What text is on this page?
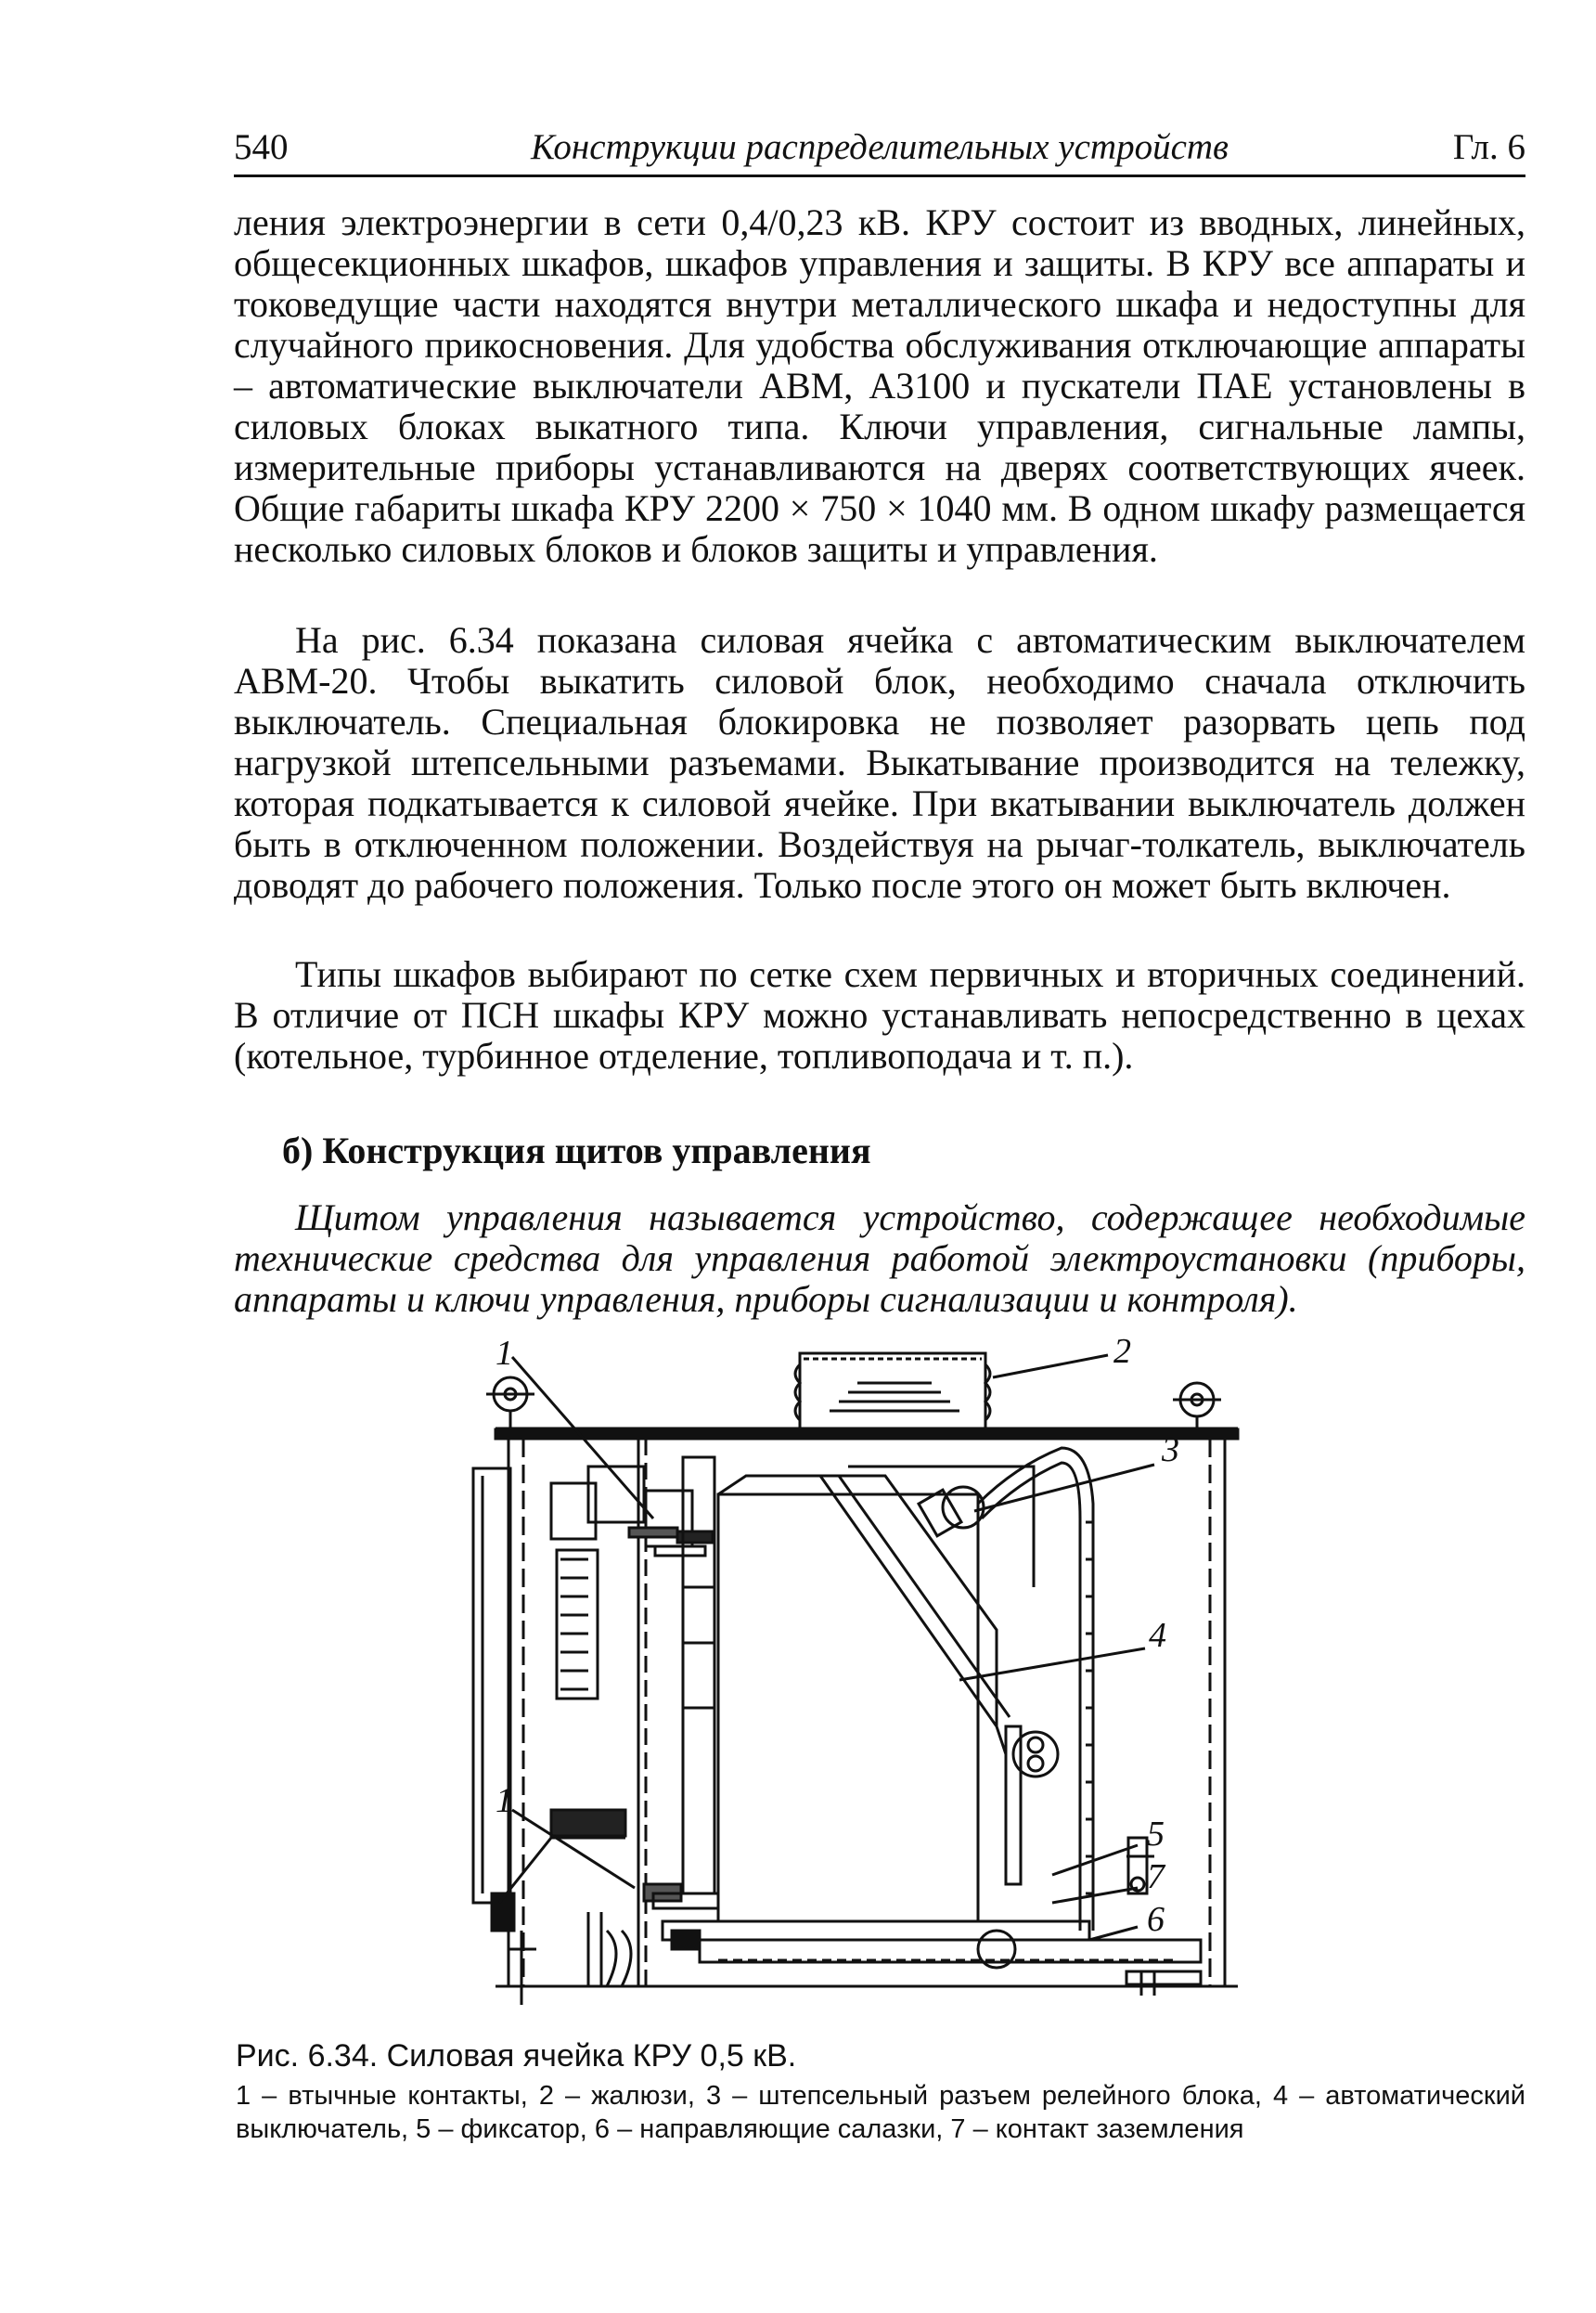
540	Конструкции распределительных устройств	Гл. 6

ления электроэнергии в сети 0,4/0,23 кВ. КРУ состоит из вводных, линейных, общесекционных шкафов, шкафов управления и защиты. В КРУ все аппараты и токоведущие части находятся внутри металлического шкафа и недоступны для случайного прикосновения. Для удобства обслуживания отключающие аппараты – автоматические выключатели АВМ, А3100 и пускатели ПАЕ установлены в силовых блоках выкатного типа. Ключи управления, сигнальные лампы, измерительные приборы устанавливаются на дверях соответствующих ячеек. Общие габариты шкафа КРУ 2200 × 750 × 1040 мм. В одном шкафу размещается несколько силовых блоков и блоков защиты и управления.

На рис. 6.34 показана силовая ячейка с автоматическим выключателем АВМ-20. Чтобы выкатить силовой блок, необходимо сначала отключить выключатель. Специальная блокировка не позволяет разорвать цепь под нагрузкой штепсельными разъемами. Выкатывание производится на тележку, которая подкатывается к силовой ячейке. При вкатывании выключатель должен быть в отключенном положении. Воздействуя на рычаг-толкатель, выключатель доводят до рабочего положения. Только после этого он может быть включен.

Типы шкафов выбирают по сетке схем первичных и вторичных соединений. В отличие от ПСН шкафы КРУ можно устанавливать непосредственно в цехах (котельное, турбинное отделение, топливоподача и т. п.).

б) Конструкция щитов управления
Щитом управления называется устройство, содержащее необходимые технические средства для управления работой электроустановки (приборы, аппараты и ключи управления, приборы сигнализации и контроля).
1	2
3
4
1
5
7
6
Рис. 6.34. Силовая ячейка КРУ 0,5 кВ.

1 – втычные контакты, 2 – жалюзи, 3 – штепсельный разъем релейного блока, 4 – автоматический выключатель, 5 – фиксатор, 6 – направляющие салазки, 7 – контакт заземления
